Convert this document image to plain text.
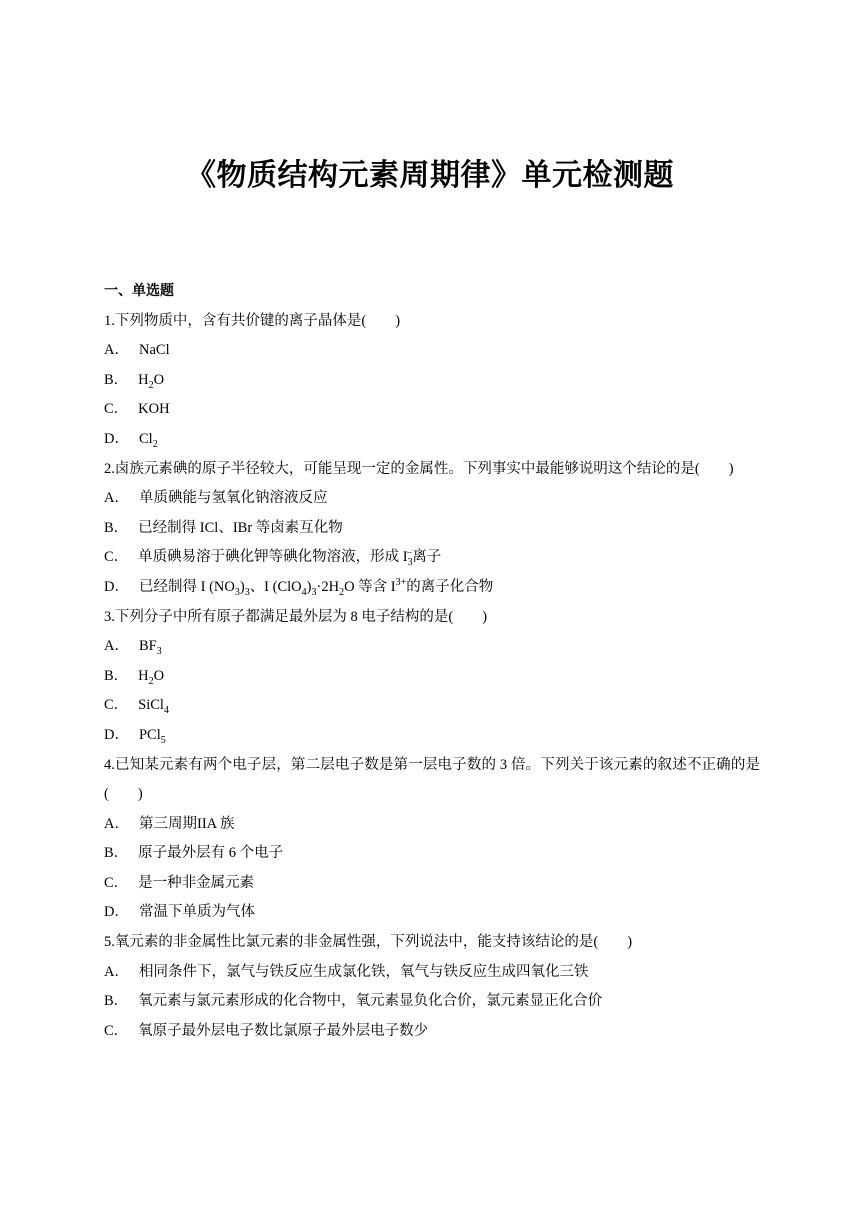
《物质结构元素周期律》单元检测题
一、单选题
1.下列物质中，含有共价键的离子晶体是(　　)
A． NaCl
B． $H_2O$
C． KOH
D． $Cl_2$
2.卤族元素碘的原子半径较大，可能呈现一定的金属性。下列事实中最能够说明这个结论的是(　　)
A． 单质碘能与氢氧化钠溶液反应
B． 已经制得 ICl、IBr 等卤素互化物
C． 单质碘易溶于碘化钾等碘化物溶液，形成 $I_3^-$离子
D． 已经制得 I $(NO_3)_3$、I $(ClO_4)_3\cdot 2H_2O$ 等含 $I^{3+}$的离子化合物
3.下列分子中所有原子都满足最外层为 8 电子结构的是(　　)
A． $BF_3$
B． $H_2O$
C． SiCl$_4$
D． PCl$_5$
4.已知某元素有两个电子层，第二层电子数是第一层电子数的 3 倍。下列关于该元素的叙述不正确的是(　　)
A． 第三周期IIA 族
B． 原子最外层有 6 个电子
C． 是一种非金属元素
D． 常温下单质为气体
5.氧元素的非金属性比氯元素的非金属性强，下列说法中，能支持该结论的是(　　)
A． 相同条件下，氯气与铁反应生成氯化铁，氧气与铁反应生成四氧化三铁
B． 氧元素与氯元素形成的化合物中，氧元素显负化合价，氯元素显正化合价
C． 氧原子最外层电子数比氯原子最外层电子数少
